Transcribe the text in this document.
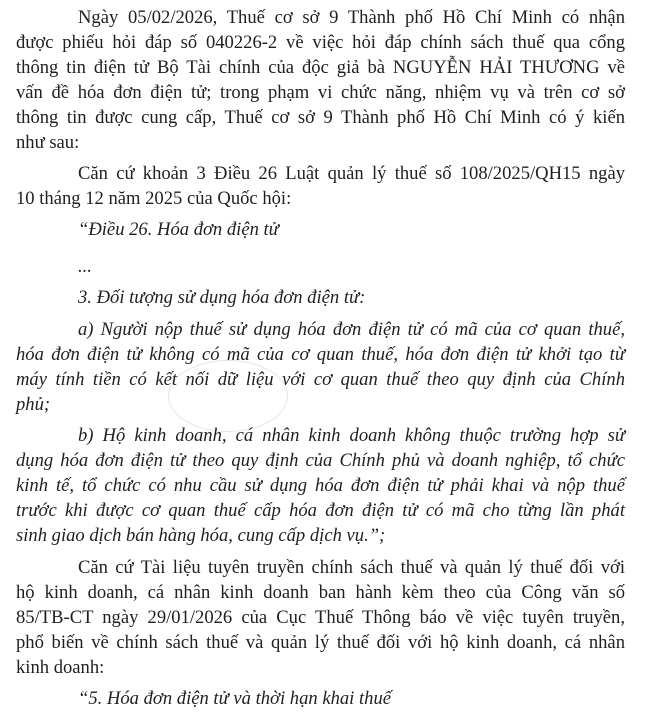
Ngày 05/02/2026, Thuế cơ sở 9 Thành phố Hồ Chí Minh có nhận
được phiếu hỏi đáp số 040226-2 về việc hỏi đáp chính sách thuế qua cổng
thông tin điện tử Bộ Tài chính của độc giả bà NGUYỄN HẢI THƯƠNG về
vấn đề hóa đơn điện tử; trong phạm vi chức năng, nhiệm vụ và trên cơ sở
thông tin được cung cấp, Thuế cơ sở 9 Thành phố Hồ Chí Minh có ý kiến
như sau:
Căn cứ khoản 3 Điều 26 Luật quản lý thuế số 108/2025/QH15 ngày
10 tháng 12 năm 2025 của Quốc hội:
“Điều 26. Hóa đơn điện tử
...
3. Đối tượng sử dụng hóa đơn điện tử:
a) Người nộp thuế sử dụng hóa đơn điện tử có mã của cơ quan thuế,
hóa đơn điện tử không có mã của cơ quan thuế, hóa đơn điện tử khởi tạo từ
máy tính tiền có kết nối dữ liệu với cơ quan thuế theo quy định của Chính
phủ;
b) Hộ kinh doanh, cá nhân kinh doanh không thuộc trường hợp sử
dụng hóa đơn điện tử theo quy định của Chính phủ và doanh nghiệp, tổ chức
kinh tế, tổ chức có nhu cầu sử dụng hóa đơn điện tử phải khai và nộp thuế
trước khi được cơ quan thuế cấp hóa đơn điện tử có mã cho từng lần phát
sinh giao dịch bán hàng hóa, cung cấp dịch vụ.”;
Căn cứ Tài liệu tuyên truyền chính sách thuế và quản lý thuế đối với
hộ kinh doanh, cá nhân kinh doanh ban hành kèm theo của Công văn số
85/TB-CT ngày 29/01/2026 của Cục Thuế Thông báo về việc tuyên truyền,
phổ biến về chính sách thuế và quản lý thuế đối với hộ kinh doanh, cá nhân
kinh doanh:
“5. Hóa đơn điện tử và thời hạn khai thuế
